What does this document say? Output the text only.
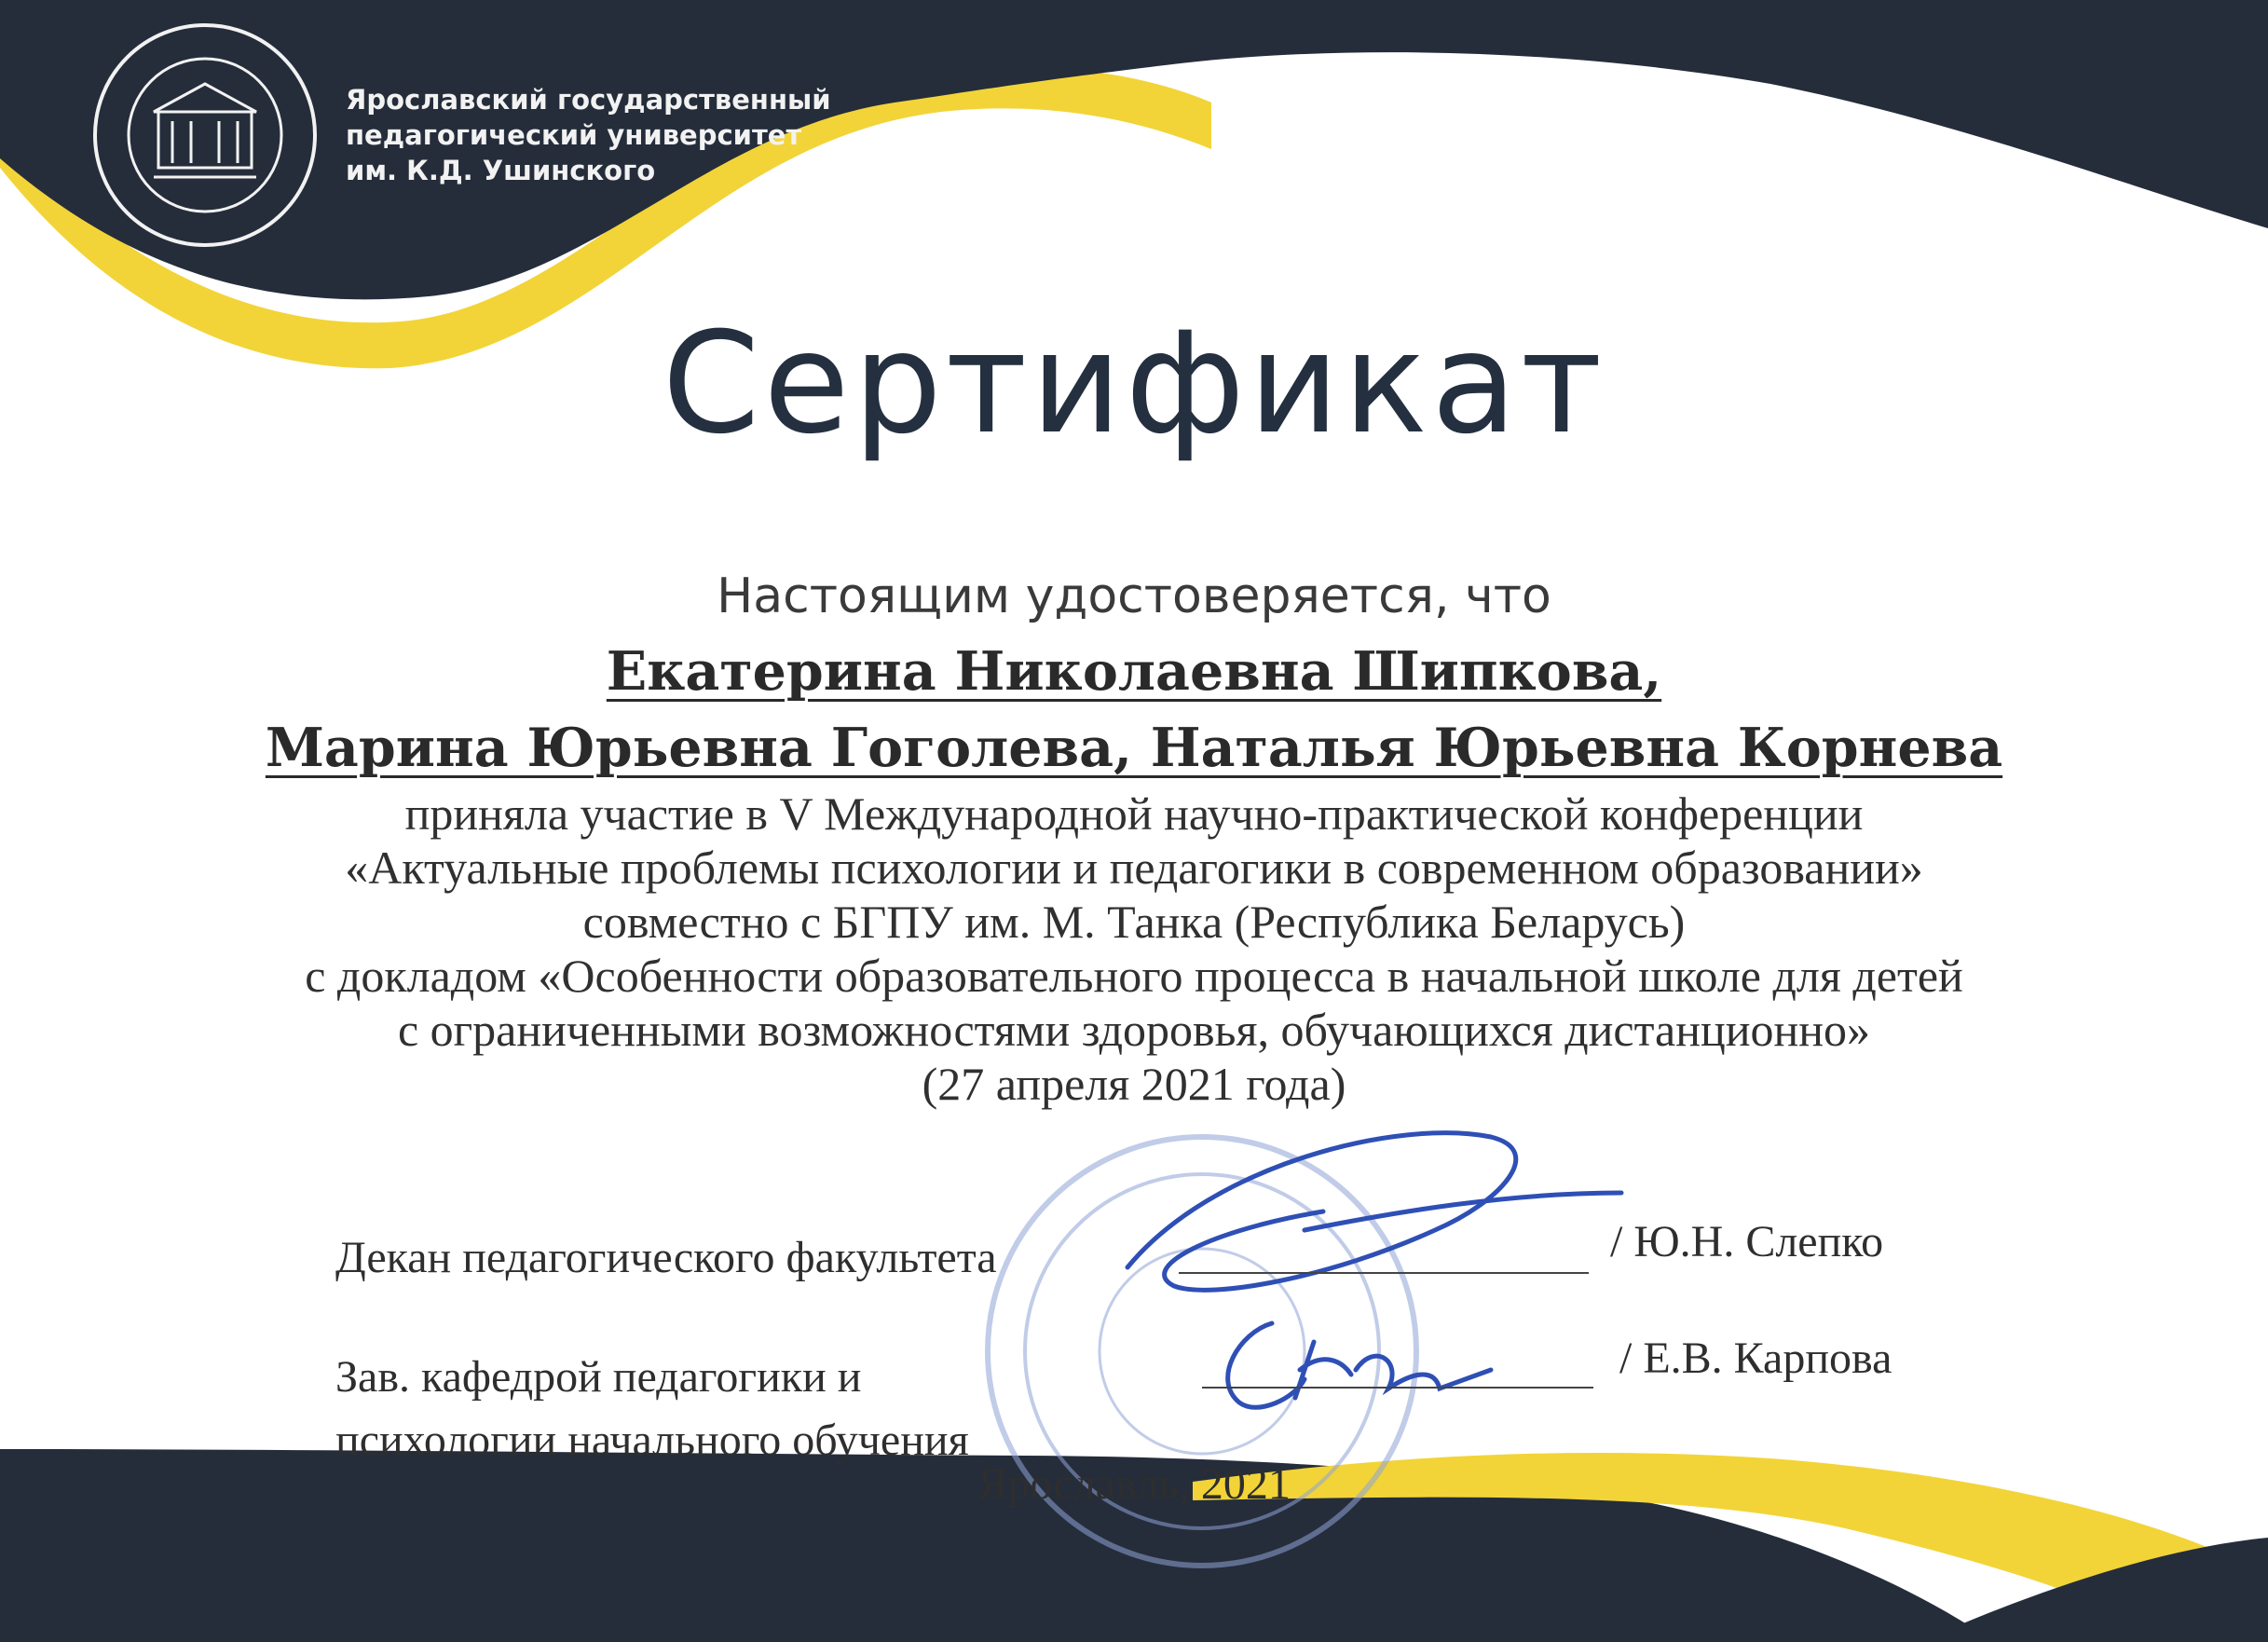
Ярославский государственный
педагогический университет
им. К.Д. Ушинского
Сертификат
Настоящим удостоверяется, что
Екатерина Николаевна Шипкова,
Марина Юрьевна Гоголева, Наталья Юрьевна Корнева
приняла участие в V Международной научно-практической конференции
«Актуальные проблемы психологии и педагогики в современном образовании»
совместно с БГПУ им. М. Танка (Республика Беларусь)
с докладом «Особенности образовательного процесса в начальной школе для детей
с ограниченными возможностями здоровья, обучающихся дистанционно»
(27 апреля 2021 года)
Декан педагогического факультета	/ Ю.Н. Слепко
Зав. кафедрой педагогики и
психологии начального обучения
/ Е.В. Карпова
Ярославль, 2021
